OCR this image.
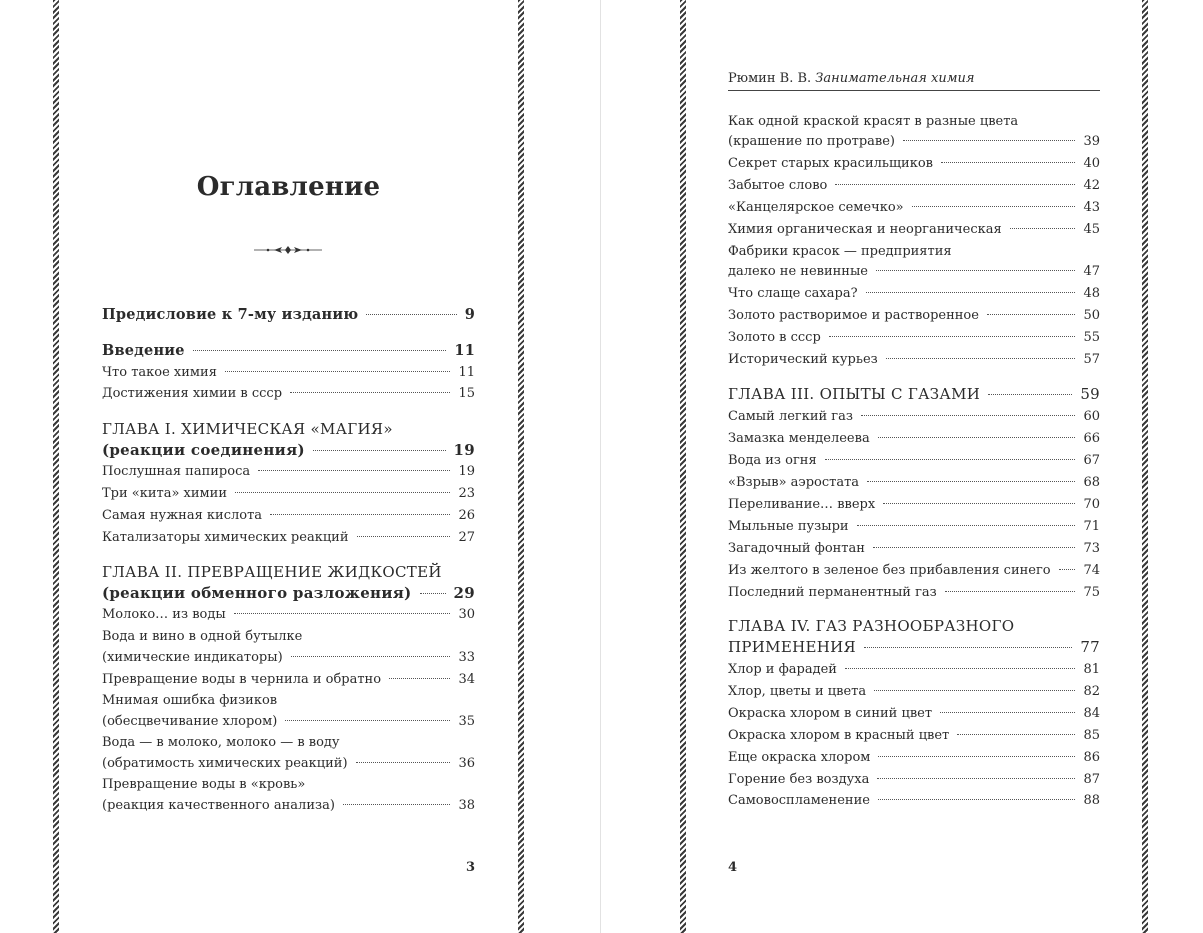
Оглавление
Предисловие к 7-му изданию	9
Введение	11
Что такое химия	11
Достижения химии в ссср	15
ГЛАВА I. ХИМИЧЕСКАЯ «МАГИЯ»
(реакции соединения)	19
Послушная папироса	19
Три «кита» химии	23
Самая нужная кислота	26
Катализаторы химических реакций	27
ГЛАВА II. ПРЕВРАЩЕНИЕ ЖИДКОСТЕЙ
(реакции обменного разложения)	29
Молоко… из воды	30
Вода и вино в одной бутылке
(химические индикаторы)	33
Превращение воды в чернила и обратно	34
Мнимая ошибка физиков
(обесцвечивание хлором)	35
Вода — в молоко, молоко — в воду
(обратимость химических реакций)	36
Превращение воды в «кровь»
(реакция качественного анализа)	38
3
Рюмин В. В. Занимательная химия
Как одной краской красят в разные цвета
(крашение по протраве)	39
Секрет старых красильщиков	40
Забытое слово	42
«Канцелярское семечко»	43
Химия органическая и неорганическая	45
Фабрики красок — предприятия
далеко не невинные	47
Что слаще сахара?	48
Золото растворимое и растворенное	50
Золото в ссср	55
Исторический курьез	57
ГЛАВА III. ОПЫТЫ С ГАЗАМИ	59
Самый легкий газ	60
Замазка менделеева	66
Вода из огня	67
«Взрыв» аэростата	68
Переливание… вверх	70
Мыльные пузыри	71
Загадочный фонтан	73
Из желтого в зеленое без прибавления синего	74
Последний перманентный газ	75
ГЛАВА IV. ГАЗ РАЗНООБРАЗНОГО
ПРИМЕНЕНИЯ	77
Хлор и фарадей	81
Хлор, цветы и цвета	82
Окраска хлором в синий цвет	84
Окраска хлором в красный цвет	85
Еще окраска хлором	86
Горение без воздуха	87
Самовоспламенение	88
4
